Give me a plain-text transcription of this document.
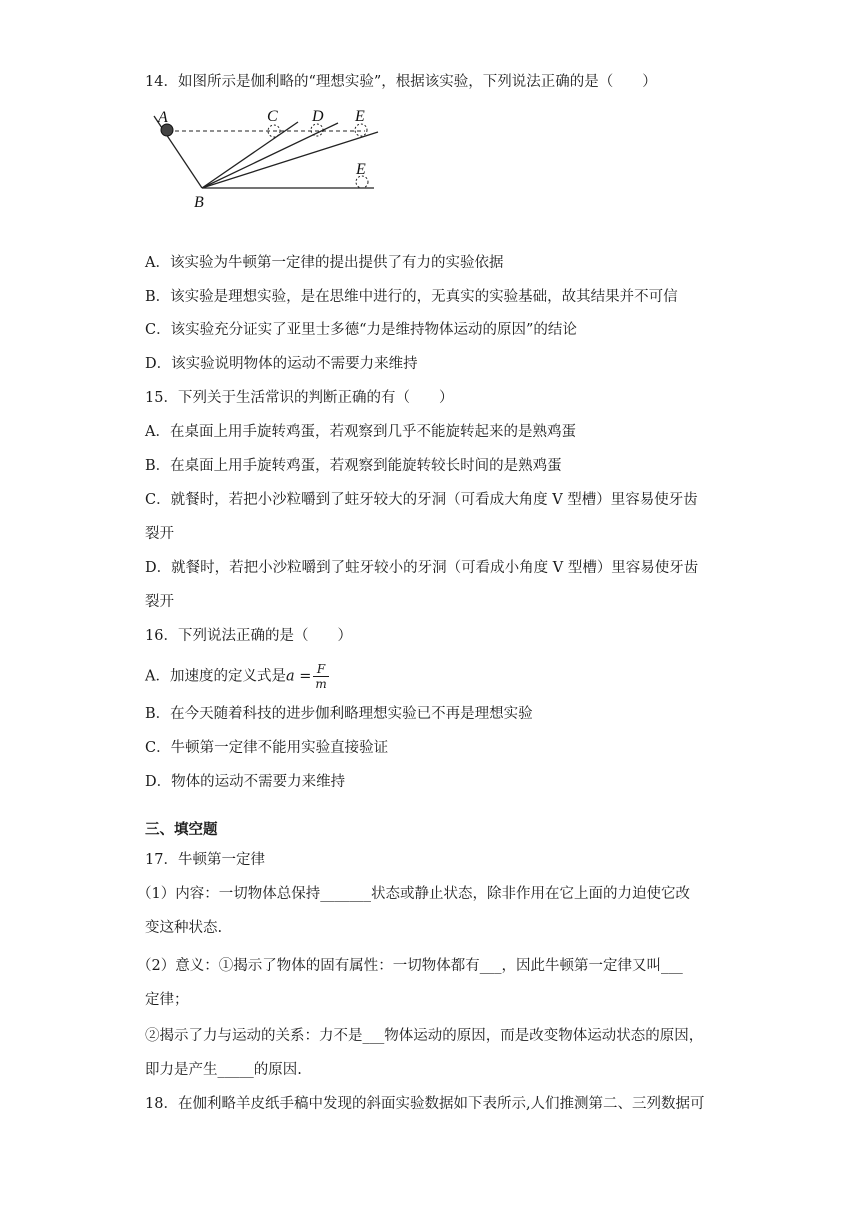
14．如图所示是伽利略的“理想实验”，根据该实验，下列说法正确的是（　　）
A	C D E
E
B
A．该实验为牛顿第一定律的提出提供了有力的实验依据
B．该实验是理想实验，是在思维中进行的，无真实的实验基础，故其结果并不可信
C．该实验充分证实了亚里士多德“力是维持物体运动的原因”的结论
D．该实验说明物体的运动不需要力来维持
15．下列关于生活常识的判断正确的有（　　）
A．在桌面上用手旋转鸡蛋，若观察到几乎不能旋转起来的是熟鸡蛋
B．在桌面上用手旋转鸡蛋，若观察到能旋转较长时间的是熟鸡蛋
C．就餐时，若把小沙粒嚼到了蛀牙较大的牙洞（可看成大角度 V 型槽）里容易使牙齿
裂开
D．就餐时，若把小沙粒嚼到了蛀牙较小的牙洞（可看成小角度 V 型槽）里容易使牙齿
裂开
16．下列说法正确的是（　　）
A．加速度的定义式是$a = \frac{F}{m}$
B．在今天随着科技的进步伽利略理想实验已不再是理想实验
C．牛顿第一定律不能用实验直接验证
D．物体的运动不需要力来维持
三、填空题
17．牛顿第一定律
（1）内容：一切物体总保持_______状态或静止状态，除非作用在它上面的力迫使它改
变这种状态.
（2）意义：①揭示了物体的固有属性：一切物体都有___，因此牛顿第一定律又叫___
定律；
②揭示了力与运动的关系：力不是___物体运动的原因，而是改变物体运动状态的原因，
即力是产生_____的原因.
18．在伽利略羊皮纸手稿中发现的斜面实验数据如下表所示,人们推测第二、三列数据可
